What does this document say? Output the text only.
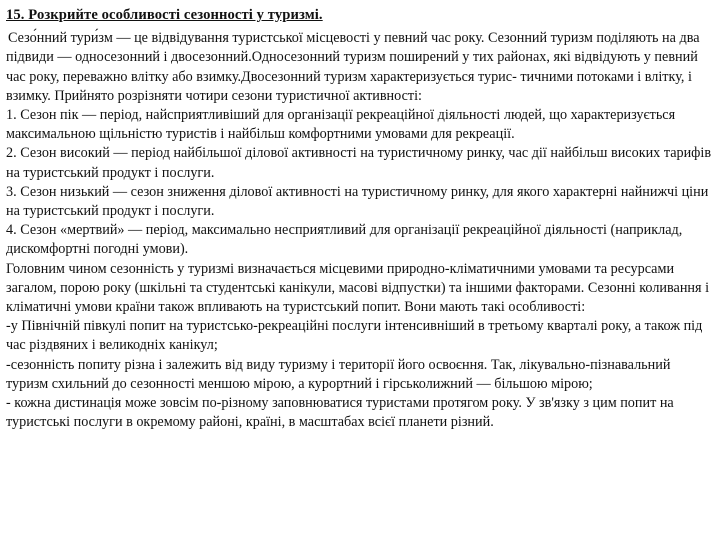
15. Розкрийте особливості сезонності у туризмі.

Сезо́нний тури́зм — це відвідування туристської місцевості у певний час року. Сезонний туризм поділяють на два підвиди — односезонний і двосезонний.Односезонний туризм поширений у тих районах, які відвідують у певний час року, переважно влітку або взимку.Двосезонний туризм характеризується турис- тичними потоками і влітку, і взимку. Прийнято розрізняти чотири сезони туристичної активності:

1. Сезон пік — період, найсприятливіший для організації рекреаційної діяльності людей, що характеризується максимальною щільністю туристів і найбільш комфортними умовами для рекреації.

2. Сезон високий — період найбільшої ділової активності на туристичному ринку, час дії найбільш високих тарифів на туристський продукт і послуги.

3. Сезон низький — сезон зниження ділової активності на туристичному ринку, для якого характерні найнижчі ціни на туристський продукт і послуги.

4. Сезон «мертвий» — період, максимально несприятливий для організації рекреаційної діяльності (наприклад, дискомфортні погодні умови).

Головним чином сезонність у туризмі визначається місцевими природно-кліматичними умовами та ресурсами загалом, порою року (шкільні та студентські канікули, масові відпустки) та іншими факторами. Сезонні коливання і кліматичні умови країни також впливають на туристський попит. Вони мають такі особливості:

-у Північній півкулі попит на туристсько-рекреаційні послуги інтенсивніший в третьому кварталі року, а також під час різдвяних і великодніх канікул;

-сезонність попиту різна і залежить від виду туризму і території його освоєння. Так, лікувально-пізнавальний туризм схильний до сезонності меншою мірою, а курортний і гірськолижний — більшою мірою;

- кожна дистинація може зовсім по-різному заповнюватися туристами протягом року. У зв'язку з цим попит на туристські послуги в окремому районі, країні, в масштабах всієї планети різний.
